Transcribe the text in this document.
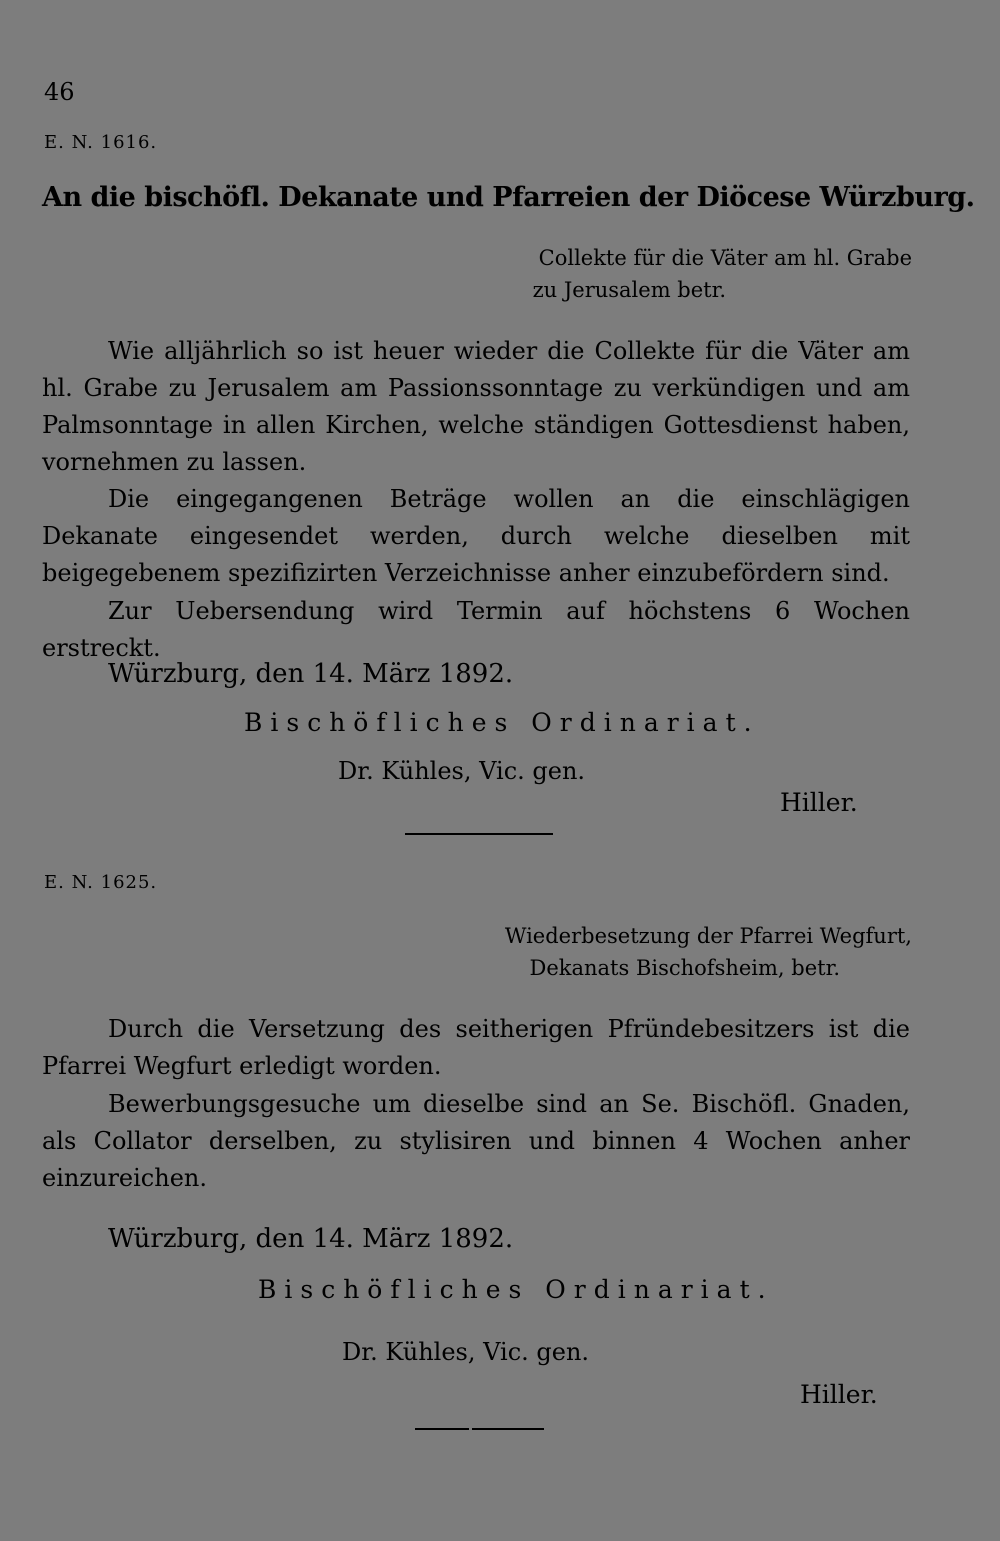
46
E. N. 1616.
An die bischöfl. Dekanate und Pfarreien der Diöcese Würzburg.
Collekte für die Väter am hl. Grabe
zu Jerusalem betr.
Wie alljährlich so ist heuer wieder die Collekte für die Väter am hl. Grabe zu Jerusalem am Passionssonntage zu verkündigen und am Palmsonntage in allen Kirchen, welche ständigen Gottesdienst haben, vornehmen zu lassen.
Die eingegangenen Beträge wollen an die einschlägigen Dekanate eingesendet werden, durch welche dieselben mit beigegebenem spezifizirten Verzeichnisse anher einzubefördern sind.
Zur Uebersendung wird Termin auf höchstens 6 Wochen erstreckt.
Würzburg, den 14. März 1892.
Bischöfliches Ordinariat.
Dr. Kühles, Vic. gen.
Hiller.
E. N. 1625.
Wiederbesetzung der Pfarrei Wegfurt,
Dekanats Bischofsheim, betr.
Durch die Versetzung des seitherigen Pfründebesitzers ist die Pfarrei Wegfurt erledigt worden.
Bewerbungsgesuche um dieselbe sind an Se. Bischöfl. Gnaden, als Collator derselben, zu stylisiren und binnen 4 Wochen anher einzureichen.
Würzburg, den 14. März 1892.
Bischöfliches Ordinariat.
Dr. Kühles, Vic. gen.
Hiller.
